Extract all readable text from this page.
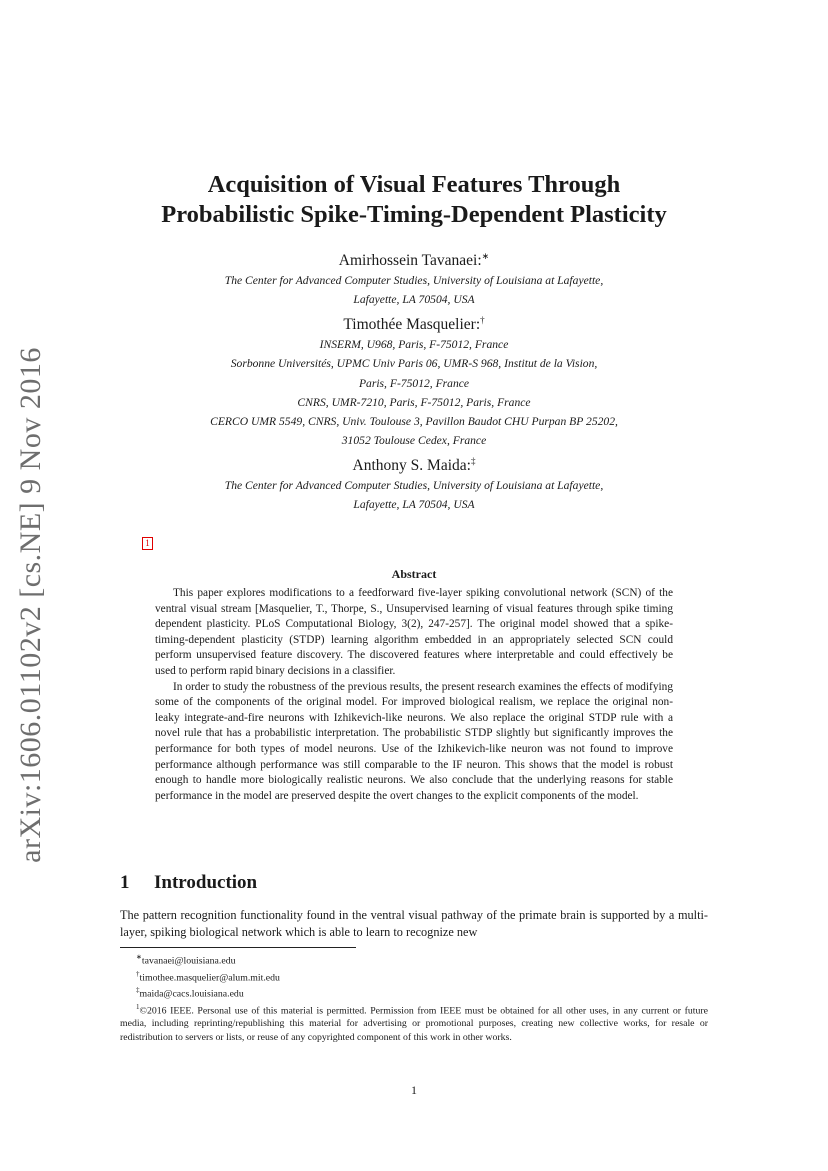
arXiv:1606.01102v2 [cs.NE] 9 Nov 2016
Acquisition of Visual Features Through
Probabilistic Spike-Timing-Dependent Plasticity
Amirhossein Tavanaei:∗
The Center for Advanced Computer Studies, University of Louisiana at Lafayette,
Lafayette, LA 70504, USA
Timothée Masquelier:†
INSERM, U968, Paris, F-75012, France
Sorbonne Universités, UPMC Univ Paris 06, UMR-S 968, Institut de la Vision,
Paris, F-75012, France
CNRS, UMR-7210, Paris, F-75012, Paris, France
CERCO UMR 5549, CNRS, Univ. Toulouse 3, Pavillon Baudot CHU Purpan BP 25202,
31052 Toulouse Cedex, France
Anthony S. Maida:‡
The Center for Advanced Computer Studies, University of Louisiana at Lafayette,
Lafayette, LA 70504, USA
1
Abstract

This paper explores modifications to a feedforward five-layer spiking convolutional network (SCN) of the ventral visual stream [Masquelier, T., Thorpe, S., Unsupervised learning of visual features through spike timing dependent plasticity. PLoS Computational Biology, 3(2), 247-257]. The original model showed that a spike-timing-dependent plasticity (STDP) learning algorithm embedded in an appropriately selected SCN could perform unsupervised feature discovery. The discovered features where interpretable and could effectively be used to perform rapid binary decisions in a classifier.

In order to study the robustness of the previous results, the present research examines the effects of modifying some of the components of the original model. For improved biological realism, we replace the original non-leaky integrate-and-fire neurons with Izhikevich-like neurons. We also replace the original STDP rule with a novel rule that has a probabilistic interpretation. The probabilistic STDP slightly but significantly improves the performance for both types of model neurons. Use of the Izhikevich-like neuron was not found to improve performance although performance was still comparable to the IF neuron. This shows that the model is robust enough to handle more biologically realistic neurons. We also conclude that the underlying reasons for stable performance in the model are preserved despite the overt changes to the explicit components of the model.

1 Introduction
The pattern recognition functionality found in the ventral visual pathway of the primate brain is supported by a multi-layer, spiking biological network which is able to learn to recognize new
∗tavanaei@louisiana.edu
†timothee.masquelier@alum.mit.edu
‡maida@cacs.louisiana.edu
$^1$©2016 IEEE. Personal use of this material is permitted. Permission from IEEE must be obtained for all other uses, in any current or future media, including reprinting/republishing this material for advertising or promotional purposes, creating new collective works, for resale or redistribution to servers or lists, or reuse of any copyrighted component of this work in other works.
1
